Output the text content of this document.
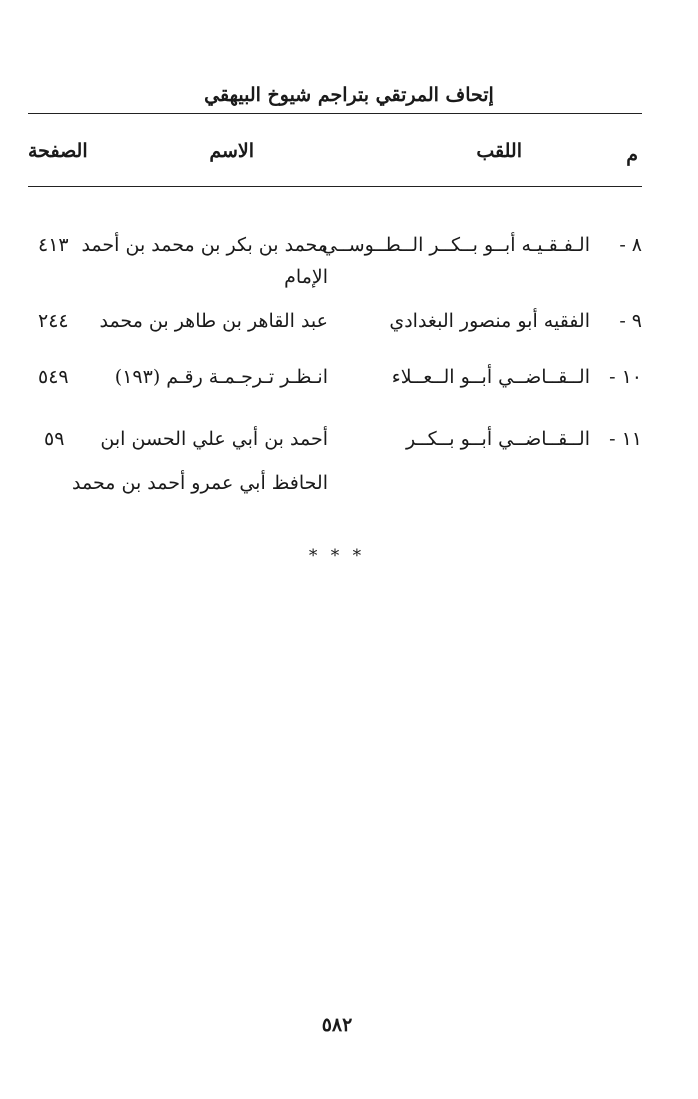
إتحاف المرتقي بتراجم شيوخ البيهقي
م
اللقب
الاسم
الصفحة
٨ -
الـفـقـيـه أبــو بــكــر الــطــوســي
محمد بن بكر بن محمد بن أحمد
الإمام
٤١٣
٩ -
الفقيه أبو منصور البغدادي
عبد القاهر بن طاهر بن محمد
٢٤٤
١٠ -
الــقــاضــي أبــو الــعــلاء
انـظـر تـرجـمـة رقـم (١٩٣)
٥٤٩
١١ -
الــقــاضــي أبــو بــكــر
أحمد بن أبي علي الحسن ابن
الحافظ أبي عمرو أحمد بن محمد
٥٩
* * *
٥٨٢
